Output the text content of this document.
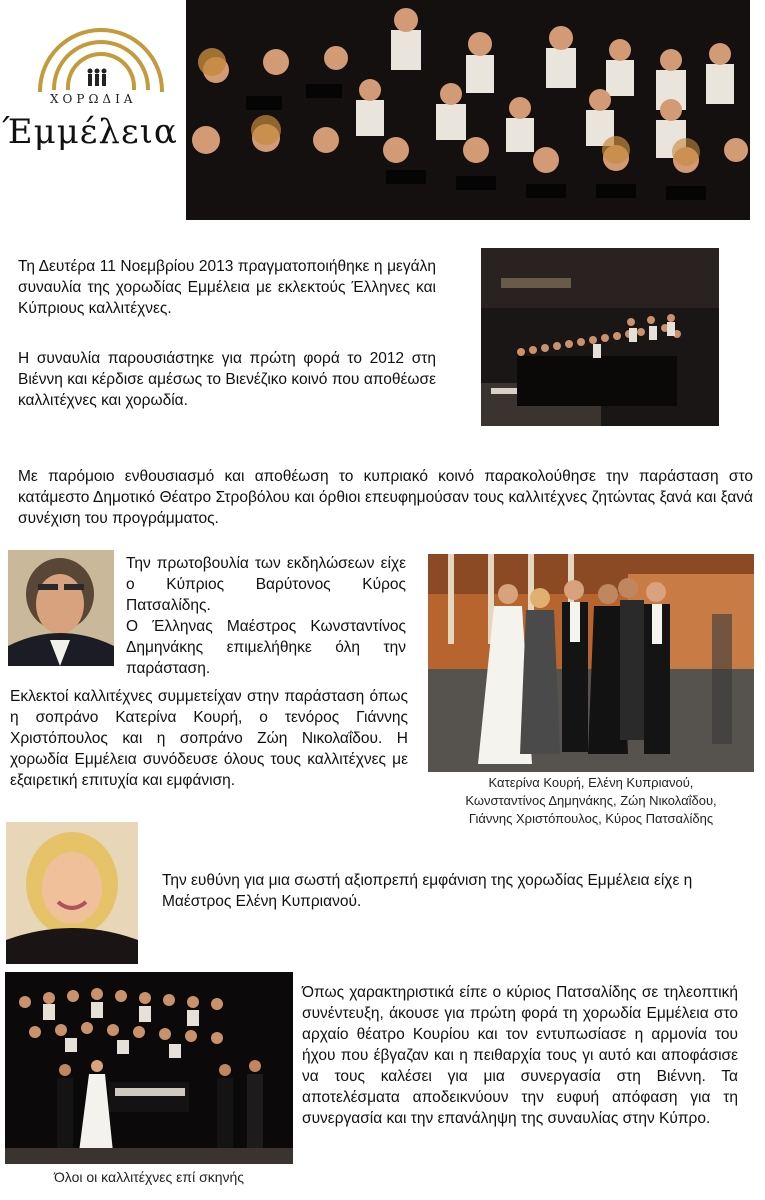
ΧΟΡΩΔΙΑ
Έμμέλεια
Τη Δευτέρα 11 Νοεμβρίου 2013 πραγματοποιήθηκε η μεγάλη συναυλία της χορωδίας Εμμέλεια με εκλεκτούς Έλληνες και Κύπριους καλλιτέχνες.
Η συναυλία παρουσιάστηκε για πρώτη φορά το 2012 στη Βιέννη και κέρδισε αμέσως το Βιενέζικο κοινό που αποθέωσε καλλιτέχνες και χορωδία.
Με παρόμοιο ενθουσιασμό και αποθέωση το κυπριακό κοινό παρακολούθησε την παράσταση στο κατάμεστο Δημοτικό Θέατρο Στροβόλου και όρθιοι επευφημούσαν τους καλλιτέχνες ζητώντας ξανά και ξανά συνέχιση του προγράμματος.
Την πρωτοβουλία των εκδηλώσεων είχε ο Κύπριος Βαρύτονος Κύρος Πατσαλίδης.
Ο Έλληνας Μαέστρος Κωνσταντίνος Δημηνάκης επιμελήθηκε όλη την παράσταση.
Εκλεκτοί καλλιτέχνες συμμετείχαν στην παράσταση όπως η σοπράνο Κατερίνα Κουρή, ο τενόρος Γιάννης Χριστόπουλος και η σοπράνο Ζώη Νικολαΐδου. Η χορωδία Εμμέλεια συνόδευσε όλους τους καλλιτέχνες με εξαιρετική επιτυχία και εμφάνιση.	Κατερίνα Κουρή, Ελένη Κυπριανού,
Κωνσταντίνος Δημηνάκης, Ζώη Νικολαΐδου,
Γιάννης Χριστόπουλος, Κύρος Πατσαλίδης
Την ευθύνη για μια σωστή αξιοπρεπή εμφάνιση της χορωδίας Εμμέλεια είχε η Μαέστρος Ελένη Κυπριανού.
Όλοι οι καλλιτέχνες επί σκηνής
Όπως χαρακτηριστικά είπε ο κύριος Πατσαλίδης σε τηλεοπτική συνέντευξη, άκουσε για πρώτη φορά τη χορωδία Εμμέλεια στο αρχαίο θέατρο Κουρίου και τον εντυπωσίασε η αρμονία του ήχου που έβγαζαν και η πειθαρχία τους γι αυτό και αποφάσισε να τους καλέσει για μια συνεργασία στη Βιέννη. Τα αποτελέσματα αποδεικνύουν την ευφυή απόφαση για τη συνεργασία και την επανάληψη της συναυλίας στην Κύπρο.
